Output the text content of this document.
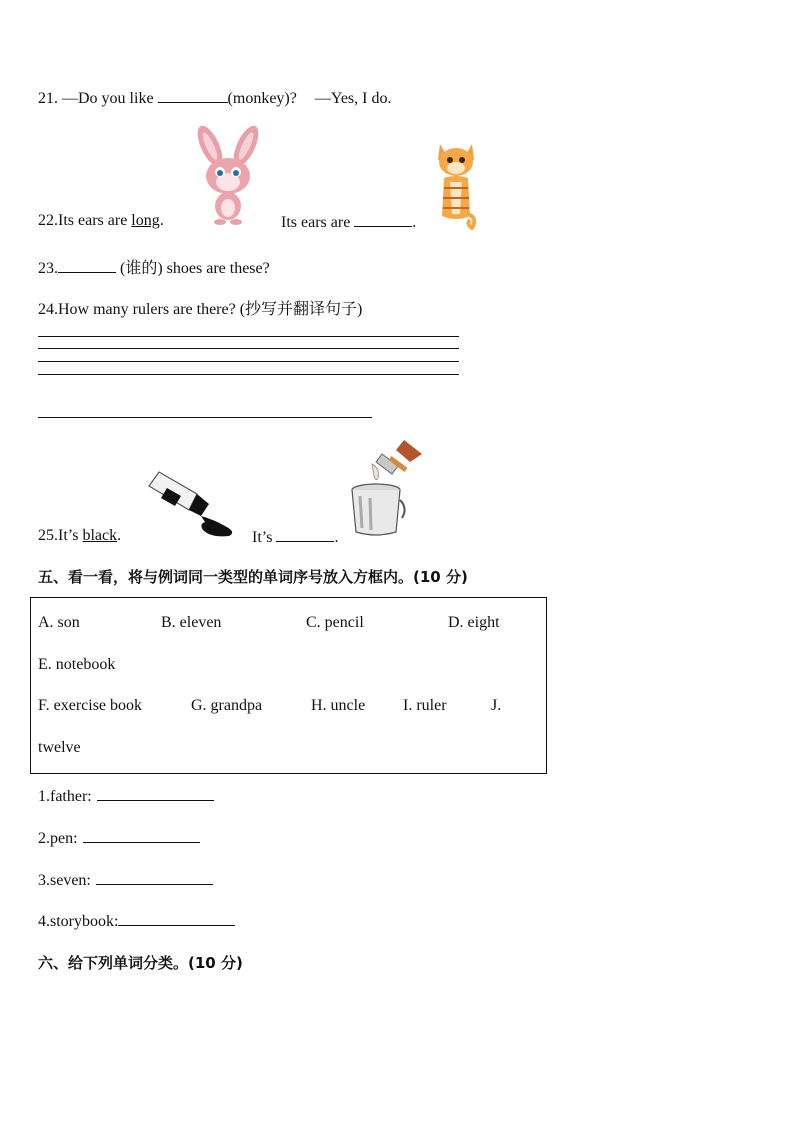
21. —Do you like	(monkey)? —Yes, I do.
22.Its ears are long.	Its ears are	.
23.	(谁的) shoes are these?
24.How many rulers are there? (抄写并翻译句子)
25.It’s black.	It’s	.
五、看一看，将与例词同一类型的单词序号放入方框内。(10 分)
A. son	B. eleven	C. pencil	D. eight
E. notebook
F. exercise book	G. grandpa	H. uncle I. ruler	J.
twelve
1.father:
2.pen:
3.seven:
4.storybook:
六、给下列单词分类。(10 分)
